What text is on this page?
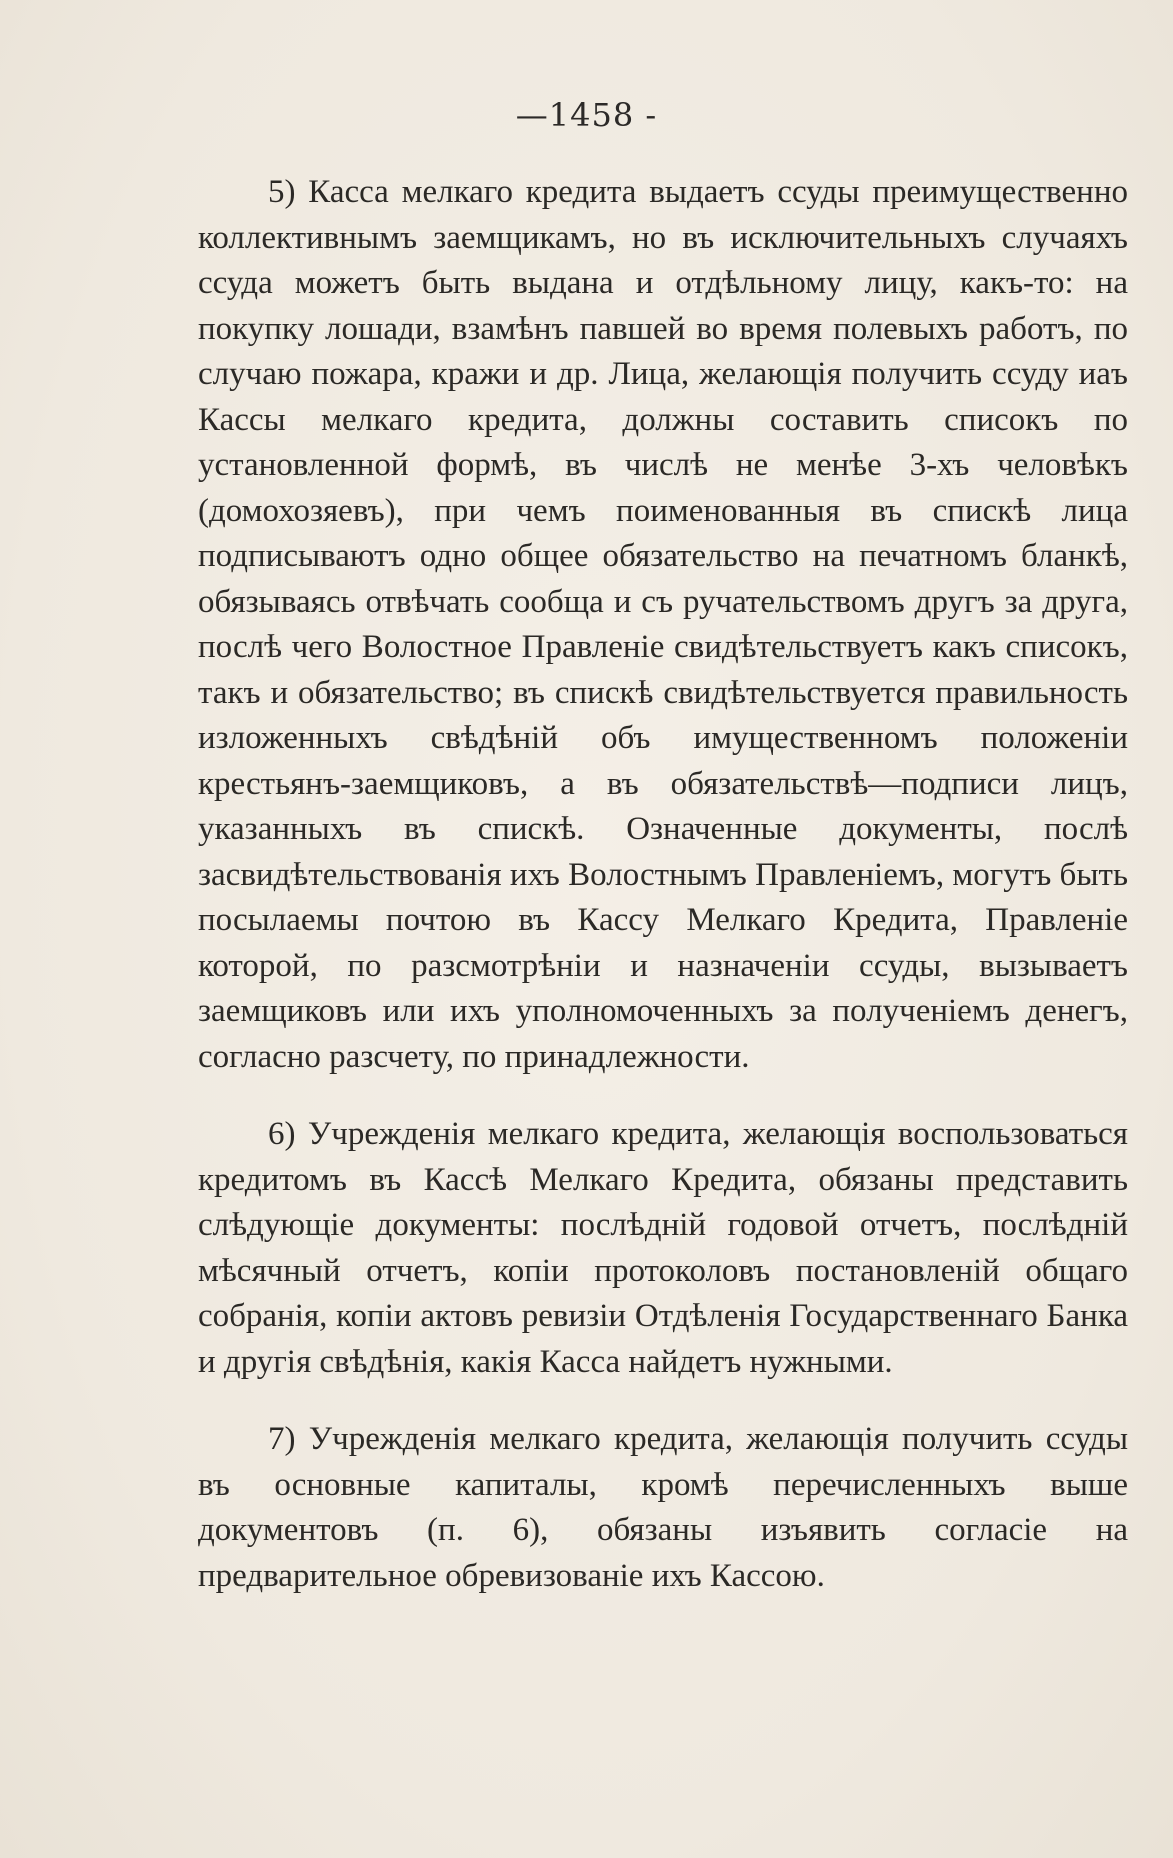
—1458 -

5) Касса мелкаго кредита выдаетъ ссуды преимущественно коллективнымъ заемщикамъ, но въ исключительныхъ случаяхъ ссуда можетъ быть выдана и отдѣльному лицу, какъ-то: на покупку лошади, взамѣнъ павшей во время полевыхъ работъ, по случаю пожара, кражи и др. Лица, желающія получить ссуду иаъ Кассы мелкаго кредита, должны составить списокъ по установленной формѣ, въ числѣ не менѣе 3-хъ человѣкъ (домохозяевъ), при чемъ поименованныя въ спискѣ лица подписываютъ одно общее обязательство на печатномъ бланкѣ, обязываясь отвѣчать сообща и съ ручательствомъ другъ за друга, послѣ чего Волостное Правленіе свидѣтельствуетъ какъ списокъ, такъ и обязательство; въ спискѣ свидѣтельствуется правильность изложенныхъ свѣдѣній объ имущественномъ положеніи крестьянъ-заемщиковъ, а въ обязательствѣ—подписи лицъ, указанныхъ въ спискѣ. Означенные документы, послѣ засвидѣтельствованія ихъ Волостнымъ Правленіемъ, могутъ быть посылаемы почтою въ Кассу Мелкаго Кредита, Правленіе которой, по разсмотрѣніи и назначеніи ссуды, вызываетъ заемщиковъ или ихъ уполномоченныхъ за полученіемъ денегъ, согласно разсчету, по принадлежности.

6) Учрежденія мелкаго кредита, желающія воспользоваться кредитомъ въ Кассѣ Мелкаго Кредита, обязаны представить слѣдующіе документы: послѣдній годовой отчетъ, послѣдній мѣсячный отчетъ, копіи протоколовъ постановленій общаго собранія, копіи актовъ ревизіи Отдѣленія Государственнаго Банка и другія свѣдѣнія, какія Касса найдетъ нужными.

7) Учрежденія мелкаго кредита, желающія получить ссуды въ основные капиталы, кромѣ перечисленныхъ выше документовъ (п. 6), обязаны изъявить согласіе на предварительное обревизованіе ихъ Кассою.
